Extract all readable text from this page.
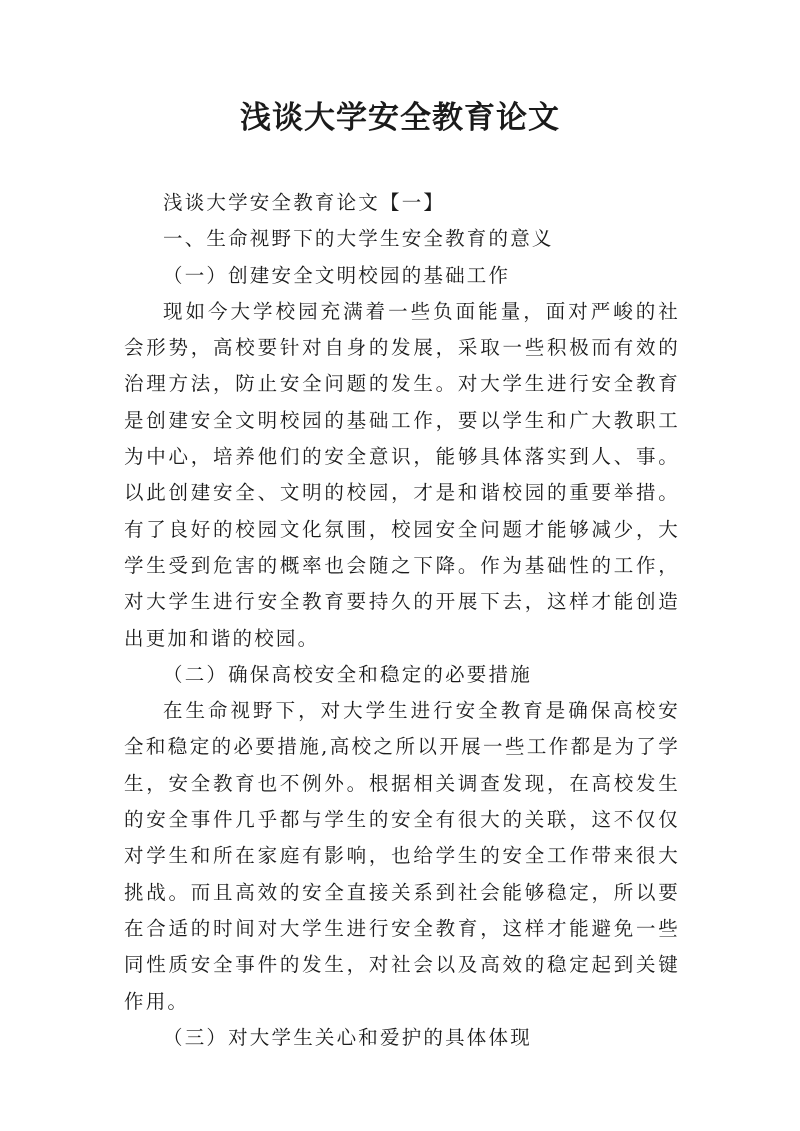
浅谈大学安全教育论文

浅谈大学安全教育论文【一】

一、生命视野下的大学生安全教育的意义

（一）创建安全文明校园的基础工作

现如今大学校园充满着一些负面能量，面对严峻的社会形势，高校要针对自身的发展，采取一些积极而有效的治理方法，防止安全问题的发生。对大学生进行安全教育是创建安全文明校园的基础工作，要以学生和广大教职工为中心，培养他们的安全意识，能够具体落实到人、事。以此创建安全、文明的校园，才是和谐校园的重要举措。有了良好的校园文化氛围，校园安全问题才能够减少，大学生受到危害的概率也会随之下降。作为基础性的工作，对大学生进行安全教育要持久的开展下去，这样才能创造出更加和谐的校园。

（二）确保高校安全和稳定的必要措施

在生命视野下，对大学生进行安全教育是确保高校安全和稳定的必要措施,高校之所以开展一些工作都是为了学生，安全教育也不例外。根据相关调查发现，在高校发生的安全事件几乎都与学生的安全有很大的关联，这不仅仅对学生和所在家庭有影响，也给学生的安全工作带来很大挑战。而且高效的安全直接关系到社会能够稳定，所以要在合适的时间对大学生进行安全教育，这样才能避免一些同性质安全事件的发生，对社会以及高效的稳定起到关键作用。

（三）对大学生关心和爱护的具体体现
